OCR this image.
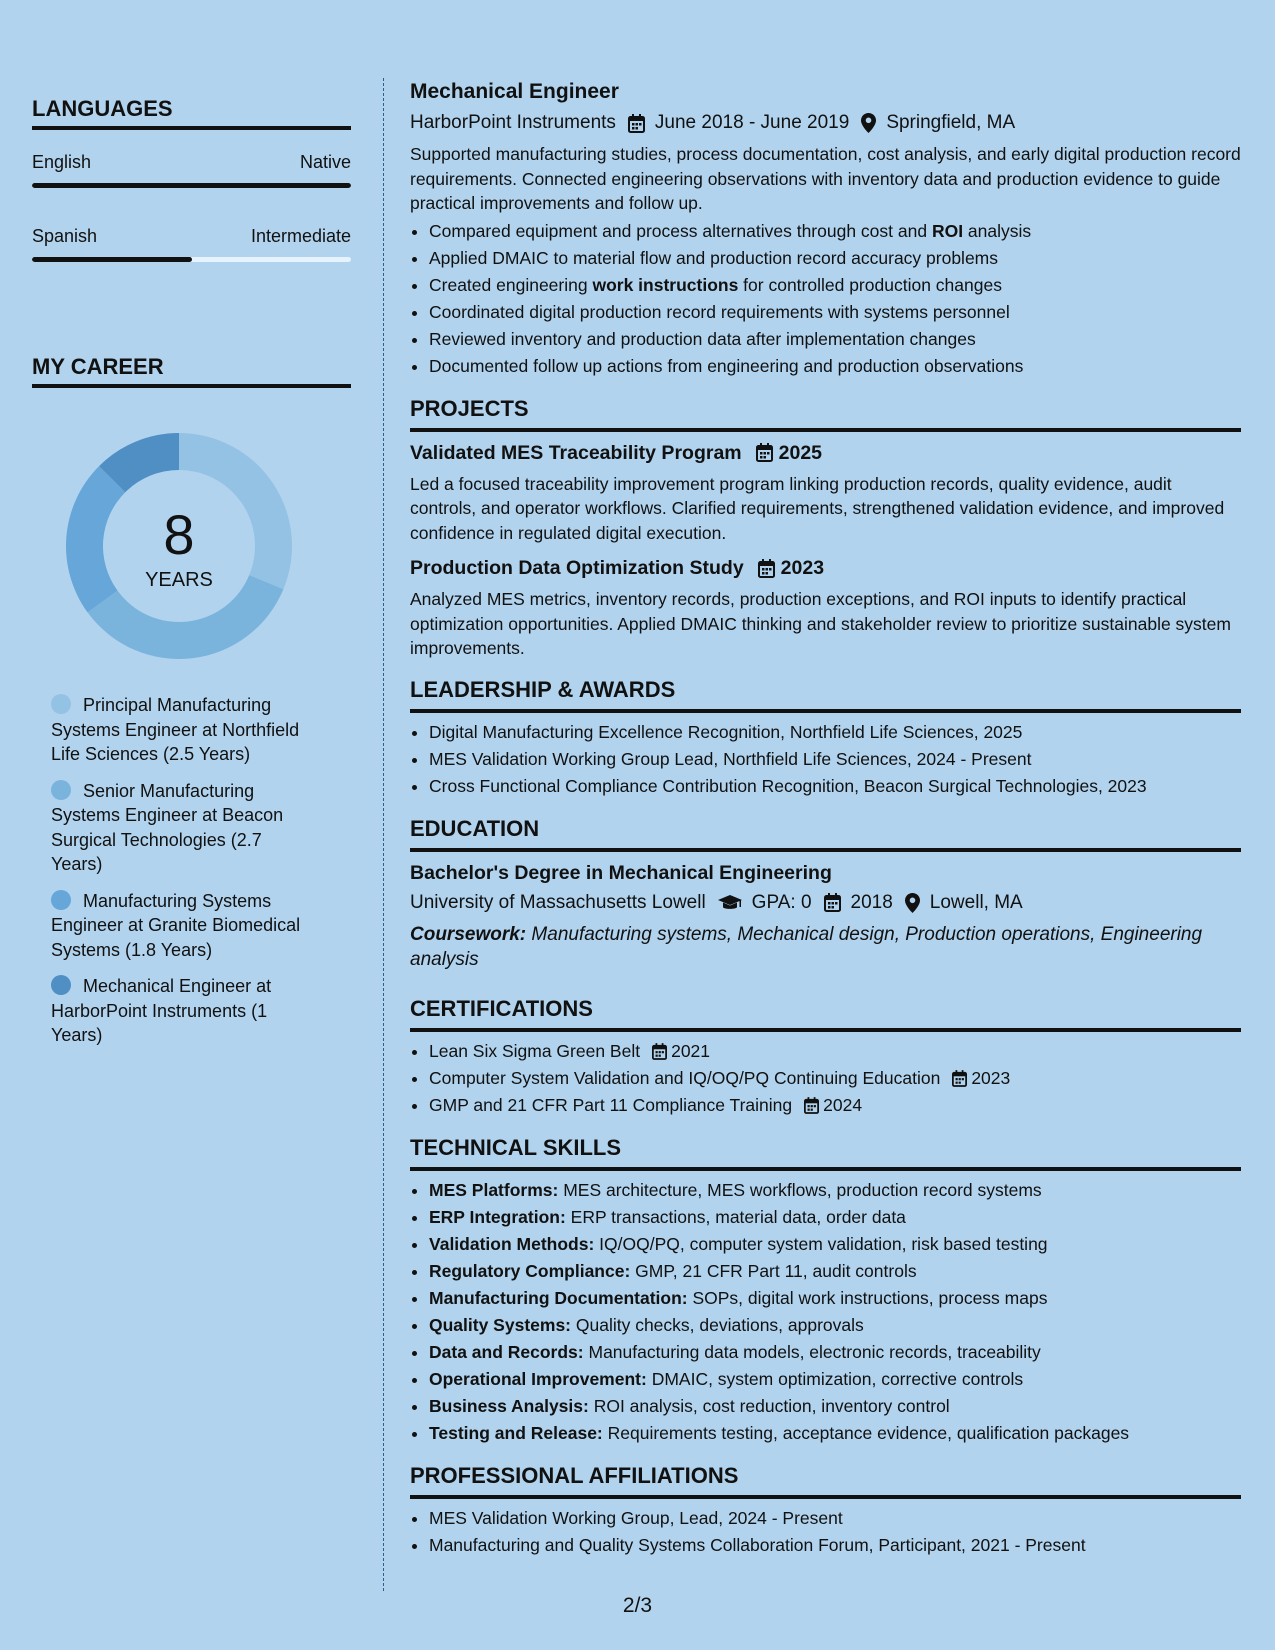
LANGUAGES
English	Native
Spanish	Intermediate
MY CAREER
8
YEARS
Principal Manufacturing Systems Engineer at Northfield Life Sciences (2.5 Years)
Senior Manufacturing Systems Engineer at Beacon Surgical Technologies (2.7 Years)
Manufacturing Systems Engineer at Granite Biomedical Systems (1.8 Years)
Mechanical Engineer at HarborPoint Instruments (1 Years)
Mechanical Engineer
HarborPoint Instruments June 2018 - June 2019 Springfield, MA

Supported manufacturing studies, process documentation, cost analysis, and early digital production record requirements. Connected engineering observations with inventory data and production evidence to guide practical improvements and follow up.

• Compared equipment and process alternatives through cost and ROI analysis
• Applied DMAIC to material flow and production record accuracy problems
• Created engineering work instructions for controlled production changes
• Coordinated digital production record requirements with systems personnel
• Reviewed inventory and production data after implementation changes
• Documented follow up actions from engineering and production observations
PROJECTS
Validated MES Traceability Program 2025

Led a focused traceability improvement program linking production records, quality evidence, audit controls, and operator workflows. Clarified requirements, strengthened validation evidence, and improved confidence in regulated digital execution.

Production Data Optimization Study 2023

Analyzed MES metrics, inventory records, production exceptions, and ROI inputs to identify practical optimization opportunities. Applied DMAIC thinking and stakeholder review to prioritize sustainable system improvements.

LEADERSHIP & AWARDS
• Digital Manufacturing Excellence Recognition, Northfield Life Sciences, 2025
• MES Validation Working Group Lead, Northfield Life Sciences, 2024 - Present
• Cross Functional Compliance Contribution Recognition, Beacon Surgical Technologies, 2023
EDUCATION
Bachelor's Degree in Mechanical Engineering
University of Massachusetts Lowell GPA: 0 2018 Lowell, MA
Coursework: Manufacturing systems, Mechanical design, Production operations, Engineering analysis
CERTIFICATIONS
• Lean Six Sigma Green Belt 2021
• Computer System Validation and IQ/OQ/PQ Continuing Education 2023
• GMP and 21 CFR Part 11 Compliance Training 2024
TECHNICAL SKILLS
• MES Platforms: MES architecture, MES workflows, production record systems
• ERP Integration: ERP transactions, material data, order data
• Validation Methods: IQ/OQ/PQ, computer system validation, risk based testing
• Regulatory Compliance: GMP, 21 CFR Part 11, audit controls
• Manufacturing Documentation: SOPs, digital work instructions, process maps
• Quality Systems: Quality checks, deviations, approvals
• Data and Records: Manufacturing data models, electronic records, traceability
• Operational Improvement: DMAIC, system optimization, corrective controls
• Business Analysis: ROI analysis, cost reduction, inventory control
• Testing and Release: Requirements testing, acceptance evidence, qualification packages
PROFESSIONAL AFFILIATIONS
• MES Validation Working Group, Lead, 2024 - Present
• Manufacturing and Quality Systems Collaboration Forum, Participant, 2021 - Present
2/3
